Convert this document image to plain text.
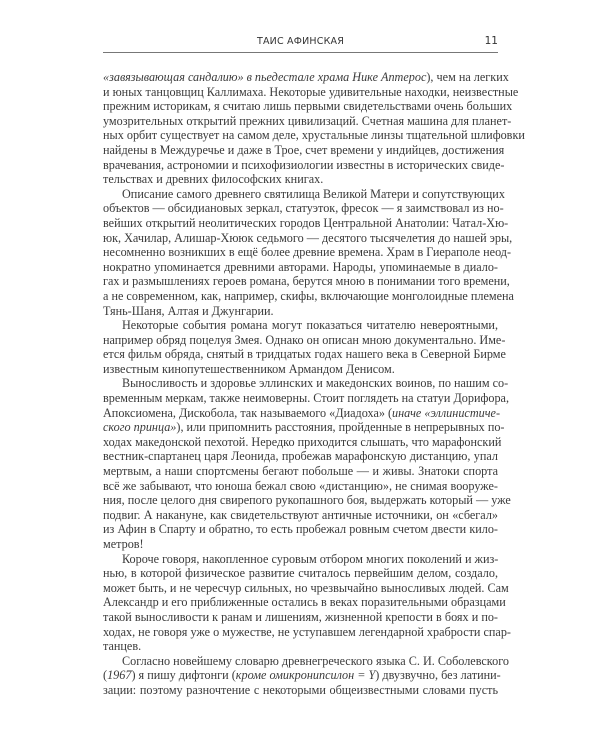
ТАИС АФИНСКАЯ	11
«завязывающая сандалию» в пьедестале храма Нике Аптерос), чем на легких
и юных танцовщиц Каллимаха. Некоторые удивительные находки, неизвестные
прежним историкам, я считаю лишь первыми свидетельствами очень больших
умозрительных открытий прежних цивилизаций. Счетная машина для планет-
ных орбит существует на самом деле, хрустальные линзы тщательной шлифовки
найдены в Междуречье и даже в Трое, счет времени у индийцев, достижения
врачевания, астрономии и психофизиологии известны в исторических свиде-
тельствах и древних философских книгах.
Описание самого древнего святилища Великой Матери и сопутствующих
объектов — обсидиановых зеркал, статуэток, фресок — я заимствовал из но-
вейших открытий неолитических городов Центральной Анатолии: Чатал-Хю-
юк, Хачилар, Алишар-Хююк седьмого — десятого тысячелетия до нашей эры,
несомненно возникших в ещё более древние времена. Храм в Гиераполе неод-
нократно упоминается древними авторами. Народы, упоминаемые в диало-
гах и размышлениях героев романа, берутся мною в понимании того времени,
а не современном, как, например, скифы, включающие монголоидные племена
Тянь-Шаня, Алтая и Джунгарии.
Некоторые события романа могут показаться читателю невероятными,
например обряд поцелуя Змея. Однако он описан мною документально. Име-
ется фильм обряда, снятый в тридцатых годах нашего века в Северной Бирме
известным кинопутешественником Армандом Денисом.
Выносливость и здоровье эллинских и македонских воинов, по нашим со-
временным меркам, также неимоверны. Стоит поглядеть на статуи Дорифора,
Апоксиомена, Дискобола, так называемого «Диадоха» (иначе «эллинистиче-
ского принца»), или припомнить расстояния, пройденные в непрерывных по-
ходах македонской пехотой. Нередко приходится слышать, что марафонский
вестник-спартанец царя Леонида, пробежав марафонскую дистанцию, упал
мертвым, а наши спортсмены бегают побольше — и живы. Знатоки спорта
всё же забывают, что юноша бежал свою «дистанцию», не снимая вооруже-
ния, после целого дня свирепого рукопашного боя, выдержать который — уже
подвиг. А накануне, как свидетельствуют античные источники, он «сбегал»
из Афин в Спарту и обратно, то есть пробежал ровным счетом двести кило-
метров!
Короче говоря, накопленное суровым отбором многих поколений и жиз-
нью, в которой физическое развитие считалось первейшим делом, создало,
может быть, и не чересчур сильных, но чрезвычайно выносливых людей. Сам
Александр и его приближенные остались в веках поразительными образцами
такой выносливости к ранам и лишениям, жизненной крепости в боях и по-
ходах, не говоря уже о мужестве, не уступавшем легендарной храбрости спар-
танцев.
Согласно новейшему словарю древнегреческого языка С. И. Соболевского
(1967) я пишу дифтонги (кроме омикронипсилон = Y) двузвучно, без латини-
зации: поэтому разночтение с некоторыми общеизвестными словами пусть
